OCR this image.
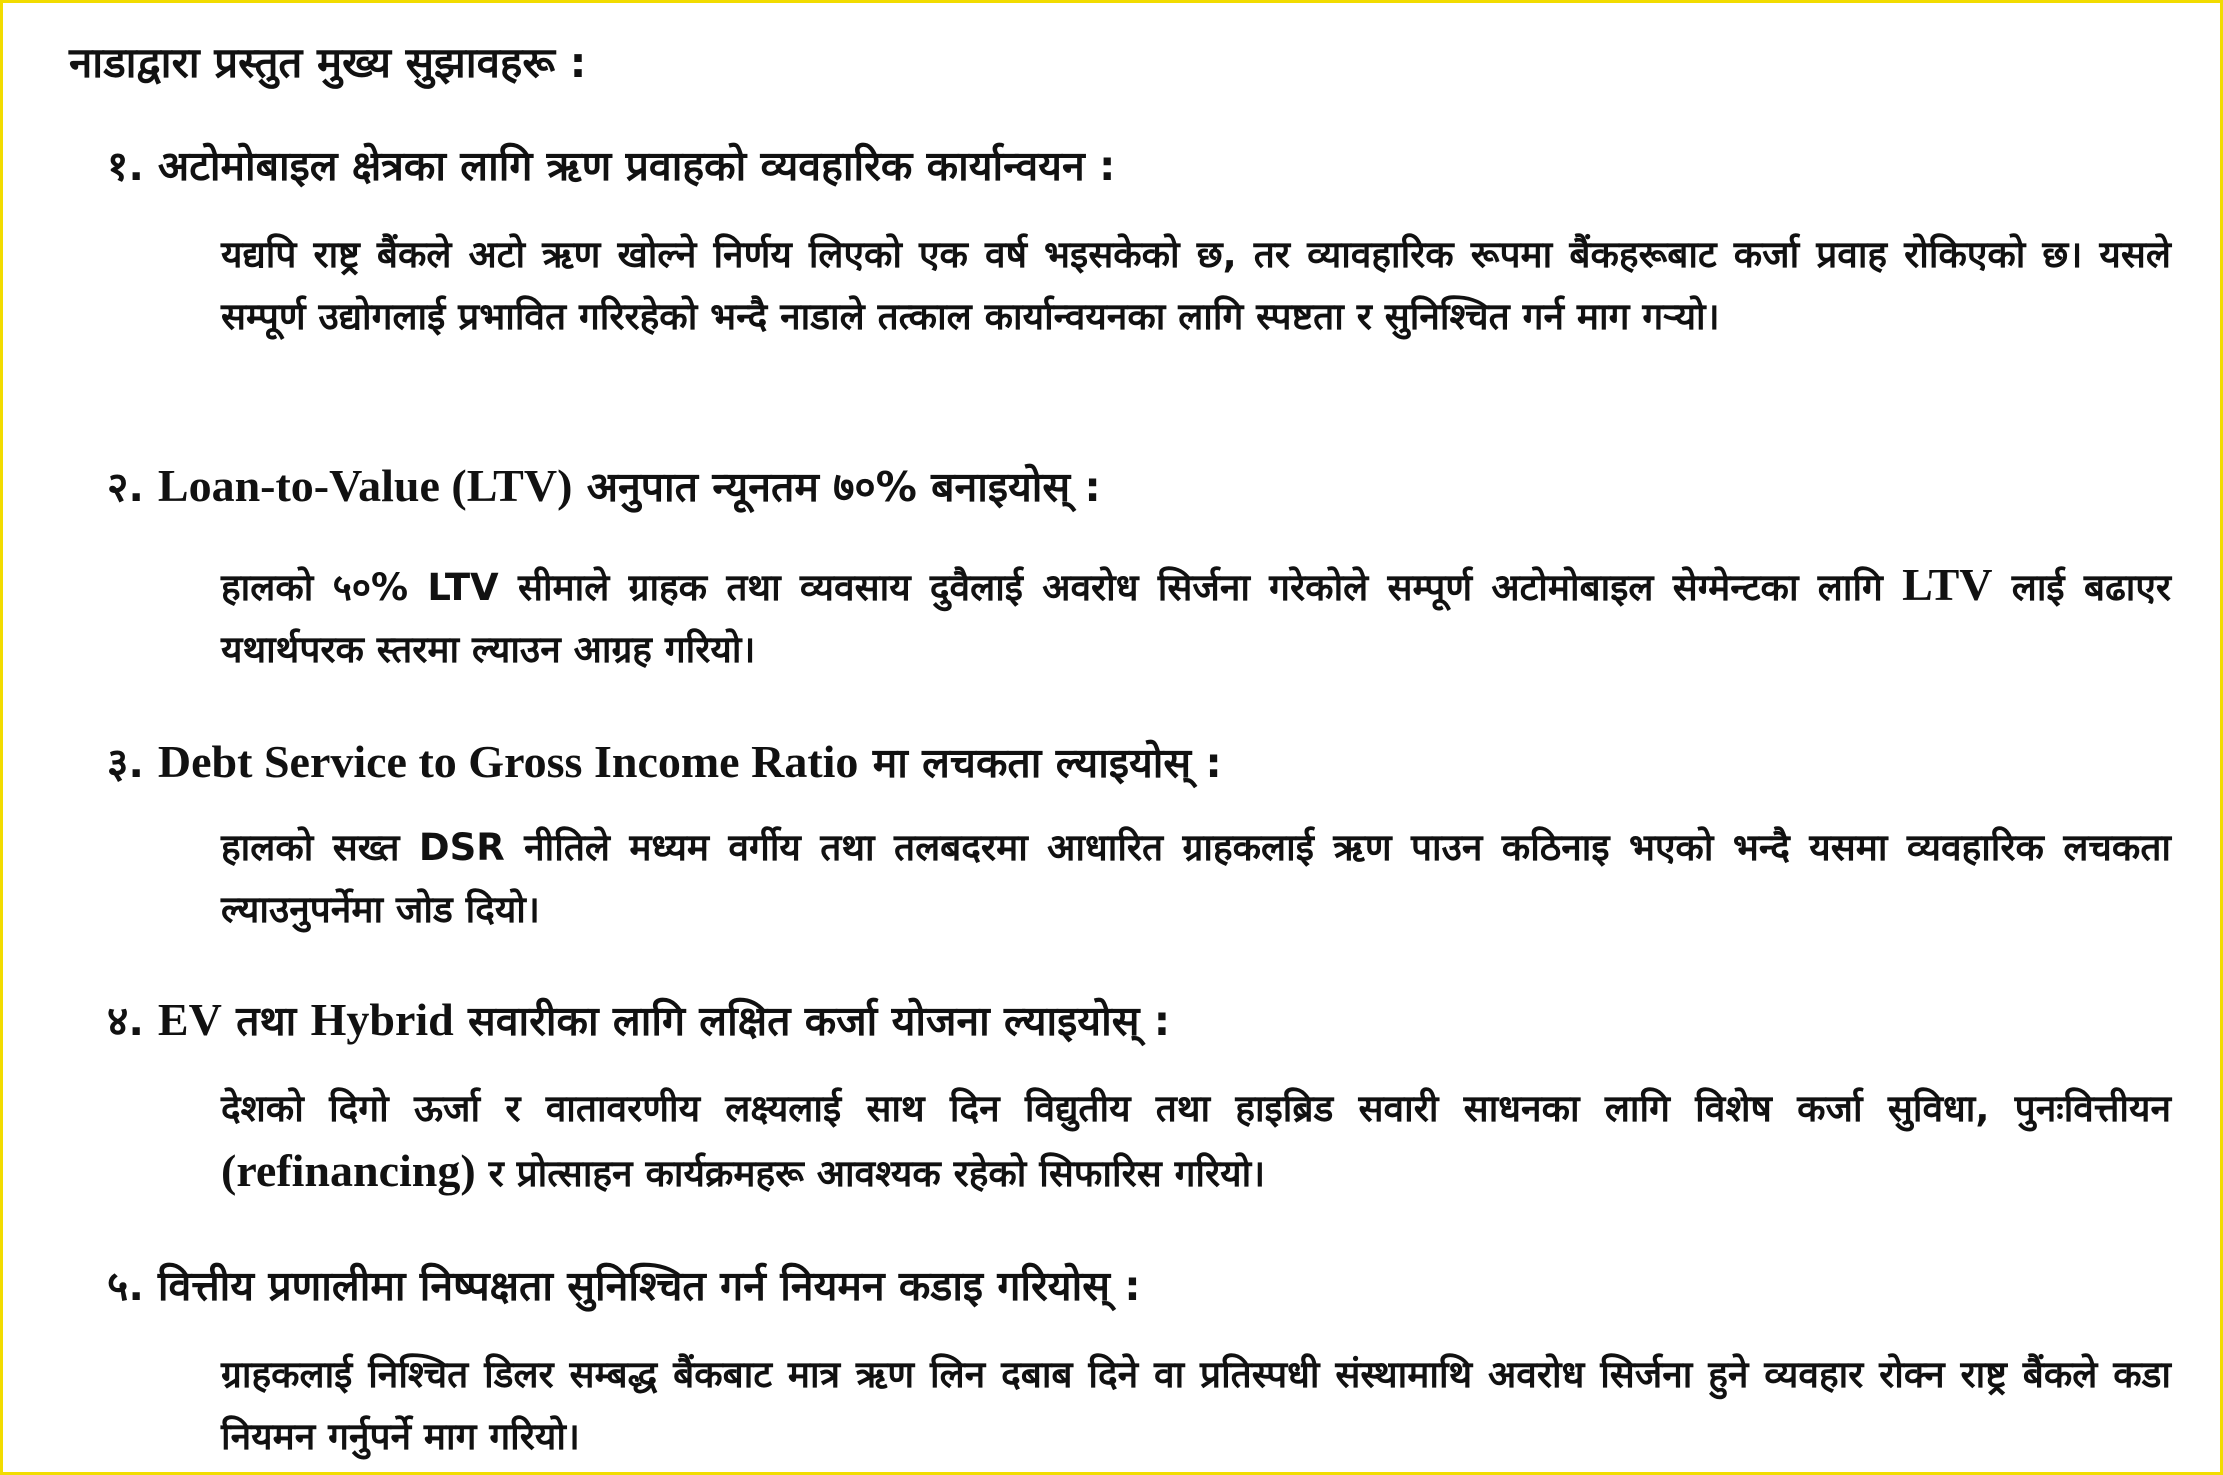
नाडाद्वारा प्रस्तुत मुख्य सुझावहरू :
१. अटोमोबाइल क्षेत्रका लागि ऋण प्रवाहको व्यवहारिक कार्यान्वयन :

यद्यपि राष्ट्र बैंकले अटो ऋण खोल्ने निर्णय लिएको एक वर्ष भइसकेको छ, तर व्यावहारिक रूपमा बैंकहरूबाट कर्जा प्रवाह रोकिएको छ। यसले सम्पूर्ण उद्योगलाई प्रभावित गरिरहेको भन्दै नाडाले तत्काल कार्यान्वयनका लागि स्पष्टता र सुनिश्चित गर्न माग गर्‍यो।

२. Loan-to-Value (LTV) अनुपात न्यूनतम ७०% बनाइयोस् :

हालको ५०% LTV सीमाले ग्राहक तथा व्यवसाय दुवैलाई अवरोध सिर्जना गरेकोले सम्पूर्ण अटोमोबाइल सेग्मेन्टका लागि LTV लाई बढाएर यथार्थपरक स्तरमा ल्याउन आग्रह गरियो।

३. Debt Service to Gross Income Ratio मा लचकता ल्याइयोस् :

हालको सख्त DSR नीतिले मध्यम वर्गीय तथा तलबदरमा आधारित ग्राहकलाई ऋण पाउन कठिनाइ भएको भन्दै यसमा व्यवहारिक लचकता ल्याउनुपर्नेमा जोड दियो।

४. EV तथा Hybrid सवारीका लागि लक्षित कर्जा योजना ल्याइयोस् :

देशको दिगो ऊर्जा र वातावरणीय लक्ष्यलाई साथ दिन विद्युतीय तथा हाइब्रिड सवारी साधनका लागि विशेष कर्जा सुविधा, पुनःवित्तीयन (refinancing) र प्रोत्साहन कार्यक्रमहरू आवश्यक रहेको सिफारिस गरियो।

५. वित्तीय प्रणालीमा निष्पक्षता सुनिश्चित गर्न नियमन कडाइ गरियोस् :

ग्राहकलाई निश्चित डिलर सम्बद्ध बैंकबाट मात्र ऋण लिन दबाब दिने वा प्रतिस्पधी संस्थामाथि अवरोध सिर्जना हुने व्यवहार रोक्न राष्ट्र बैंकले कडा नियमन गर्नुपर्ने माग गरियो।
